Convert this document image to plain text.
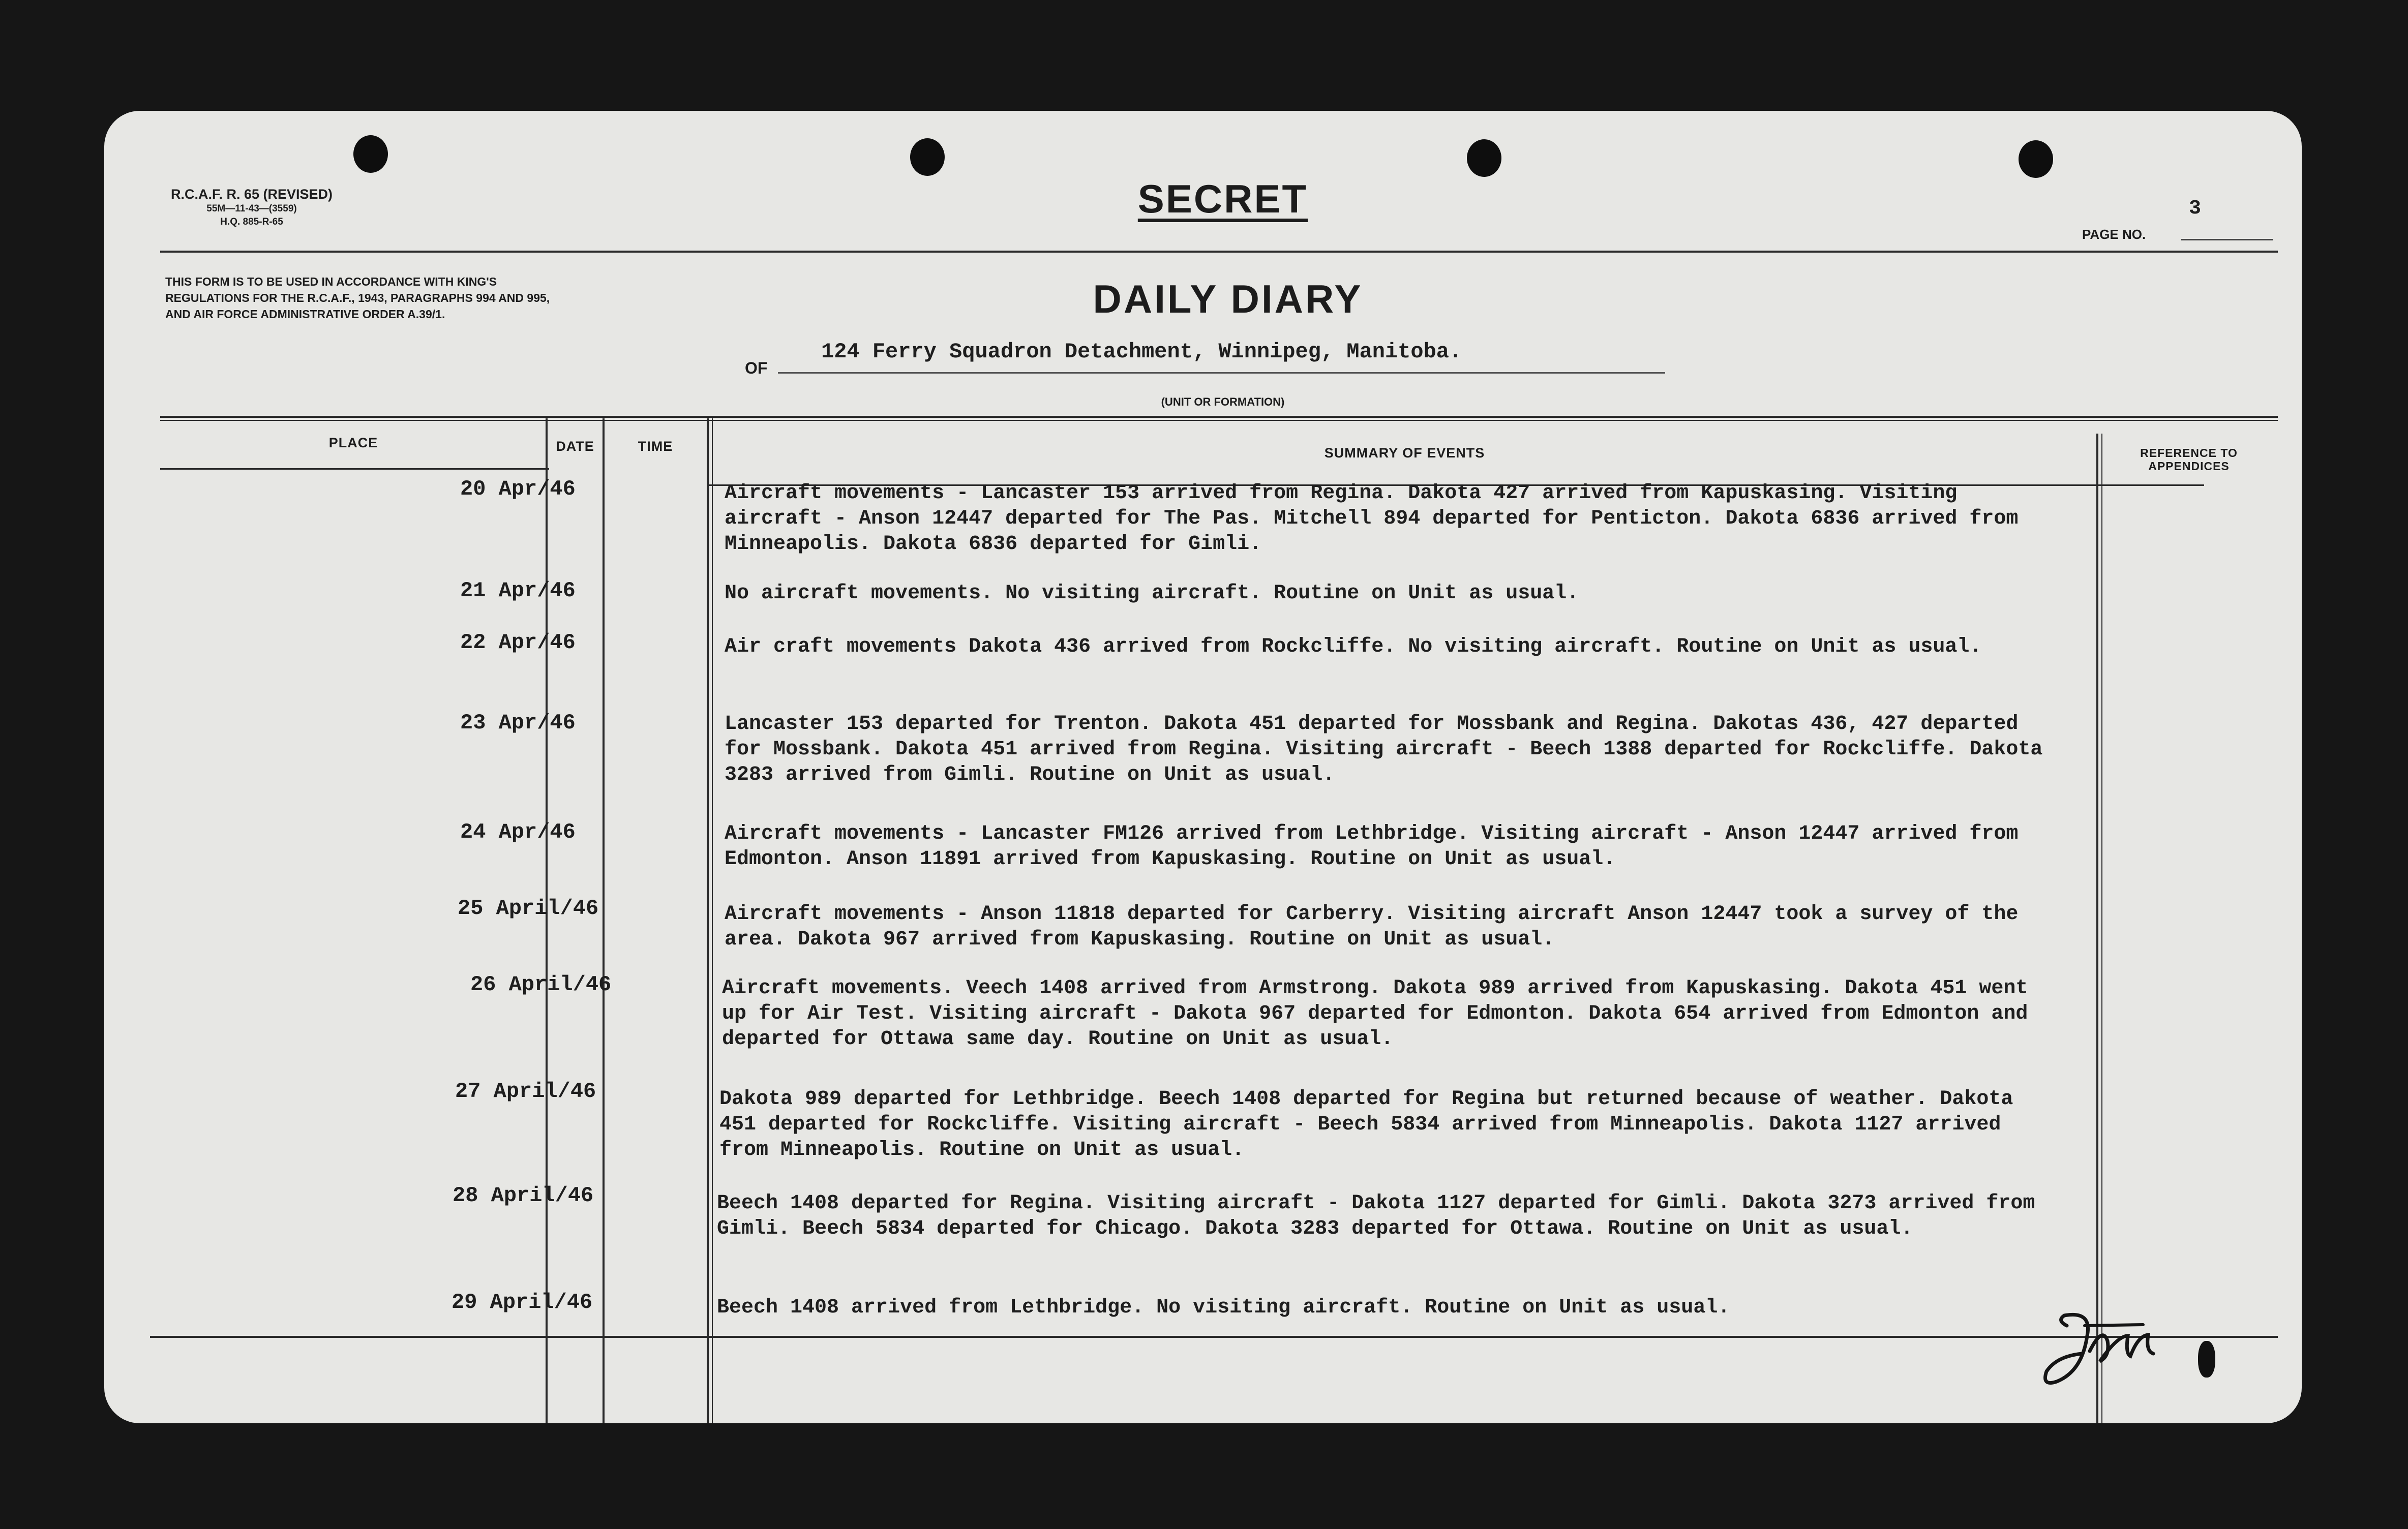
R.C.A.F. R. 65 (REVISED)
55M—11-43—(3559)
H.Q. 885-R-65
SECRET	3
PAGE NO.
THIS FORM IS TO BE USED IN ACCORDANCE WITH KING'S REGULATIONS FOR THE R.C.A.F., 1943, PARAGRAPHS 994 AND 995, AND AIR FORCE ADMINISTRATIVE ORDER A.39/1.	DAILY DIARY
OF
124 Ferry Squadron Detachment, Winnipeg, Manitoba.
(UNIT OR FORMATION)
PLACE	DATE	TIME	SUMMARY OF EVENTS	REFERENCE TO APPENDICES
20 Apr/46	Aircraft movements - Lancaster 153 arrived from Regina. Dakota 427 arrived from Kapuskasing. Visiting aircraft - Anson 12447 departed for The Pas. Mitchell 894 departed for Penticton. Dakota 6836 arrived from Minneapolis. Dakota 6836 departed for Gimli.
21 Apr/46	No aircraft movements. No visiting aircraft. Routine on Unit as usual.
22 Apr/46	Air craft movements Dakota 436 arrived from Rockcliffe. No visiting aircraft. Routine on Unit as usual.
23 Apr/46	Lancaster 153 departed for Trenton. Dakota 451 departed for Mossbank and Regina. Dakotas 436, 427 departed for Mossbank. Dakota 451 arrived from Regina. Visiting aircraft - Beech 1388 departed for Rockcliffe. Dakota 3283 arrived from Gimli. Routine on Unit as usual.
24 Apr/46	Aircraft movements - Lancaster FM126 arrived from Lethbridge. Visiting aircraft - Anson 12447 arrived from Edmonton. Anson 11891 arrived from Kapuskasing. Routine on Unit as usual.
25 April/46	Aircraft movements - Anson 11818 departed for Carberry. Visiting aircraft Anson 12447 took a survey of the area. Dakota 967 arrived from Kapuskasing. Routine on Unit as usual.
26 April/46	Aircraft movements. Veech 1408 arrived from Armstrong. Dakota 989 arrived from Kapuskasing. Dakota 451 went up for Air Test. Visiting aircraft - Dakota 967 departed for Edmonton. Dakota 654 arrived from Edmonton and departed for Ottawa same day. Routine on Unit as usual.
27 April/46	Dakota 989 departed for Lethbridge. Beech 1408 departed for Regina but returned because of weather. Dakota 451 departed for Rockcliffe. Visiting aircraft - Beech 5834 arrived from Minneapolis. Dakota 1127 arrived from Minneapolis. Routine on Unit as usual.
28 April/46	Beech 1408 departed for Regina. Visiting aircraft - Dakota 1127 departed for Gimli. Dakota 3273 arrived from Gimli. Beech 5834 departed for Chicago. Dakota 3283 departed for Ottawa. Routine on Unit as usual.
29 April/46	Beech 1408 arrived from Lethbridge. No visiting aircraft. Routine on Unit as usual.
